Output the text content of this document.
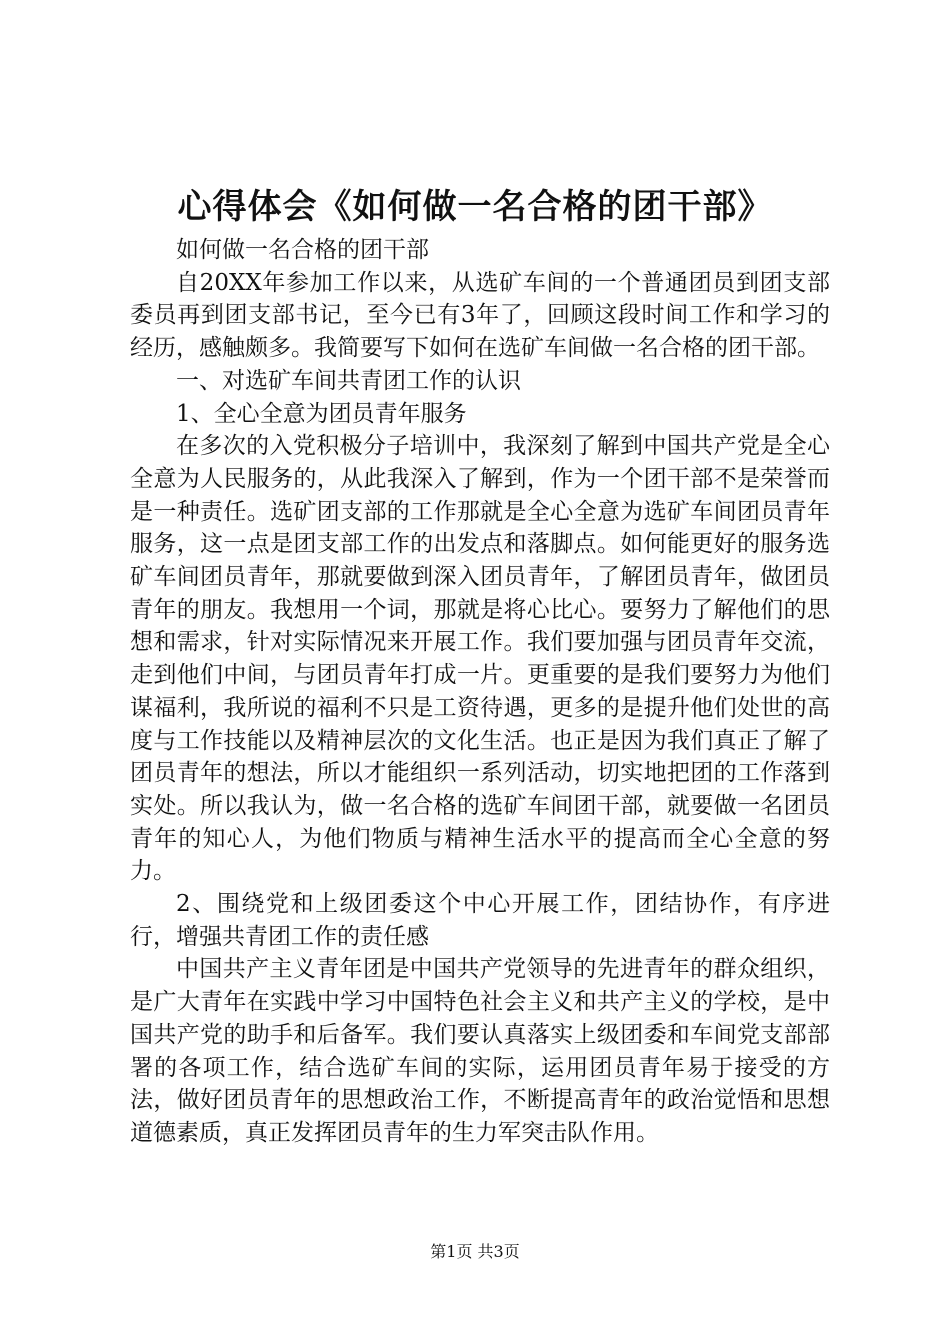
心得体会《如何做一名合格的团干部》

如何做一名合格的团干部

自20XX年参加工作以来，从选矿车间的一个普通团员到团支部委员再到团支部书记，至今已有3年了，回顾这段时间工作和学习的经历，感触颇多。我简要写下如何在选矿车间做一名合格的团干部。

一、对选矿车间共青团工作的认识

1、全心全意为团员青年服务

在多次的入党积极分子培训中，我深刻了解到中国共产党是全心全意为人民服务的，从此我深入了解到，作为一个团干部不是荣誉而是一种责任。选矿团支部的工作那就是全心全意为选矿车间团员青年服务，这一点是团支部工作的出发点和落脚点。如何能更好的服务选矿车间团员青年，那就要做到深入团员青年，了解团员青年，做团员青年的朋友。我想用一个词，那就是将心比心。要努力了解他们的思想和需求，针对实际情况来开展工作。我们要加强与团员青年交流，走到他们中间，与团员青年打成一片。更重要的是我们要努力为他们谋福利，我所说的福利不只是工资待遇，更多的是提升他们处世的高度与工作技能以及精神层次的文化生活。也正是因为我们真正了解了团员青年的想法，所以才能组织一系列活动，切实地把团的工作落到实处。所以我认为，做一名合格的选矿车间团干部，就要做一名团员青年的知心人，为他们物质与精神生活水平的提高而全心全意的努力。

2、围绕党和上级团委这个中心开展工作，团结协作，有序进行，增强共青团工作的责任感

中国共产主义青年团是中国共产党领导的先进青年的群众组织，是广大青年在实践中学习中国特色社会主义和共产主义的学校，是中国共产党的助手和后备军。我们要认真落实上级团委和车间党支部部署的各项工作，结合选矿车间的实际，运用团员青年易于接受的方法，做好团员青年的思想政治工作，不断提高青年的政治觉悟和思想道德素质，真正发挥团员青年的生力军突击队作用。

第1页 共3页
